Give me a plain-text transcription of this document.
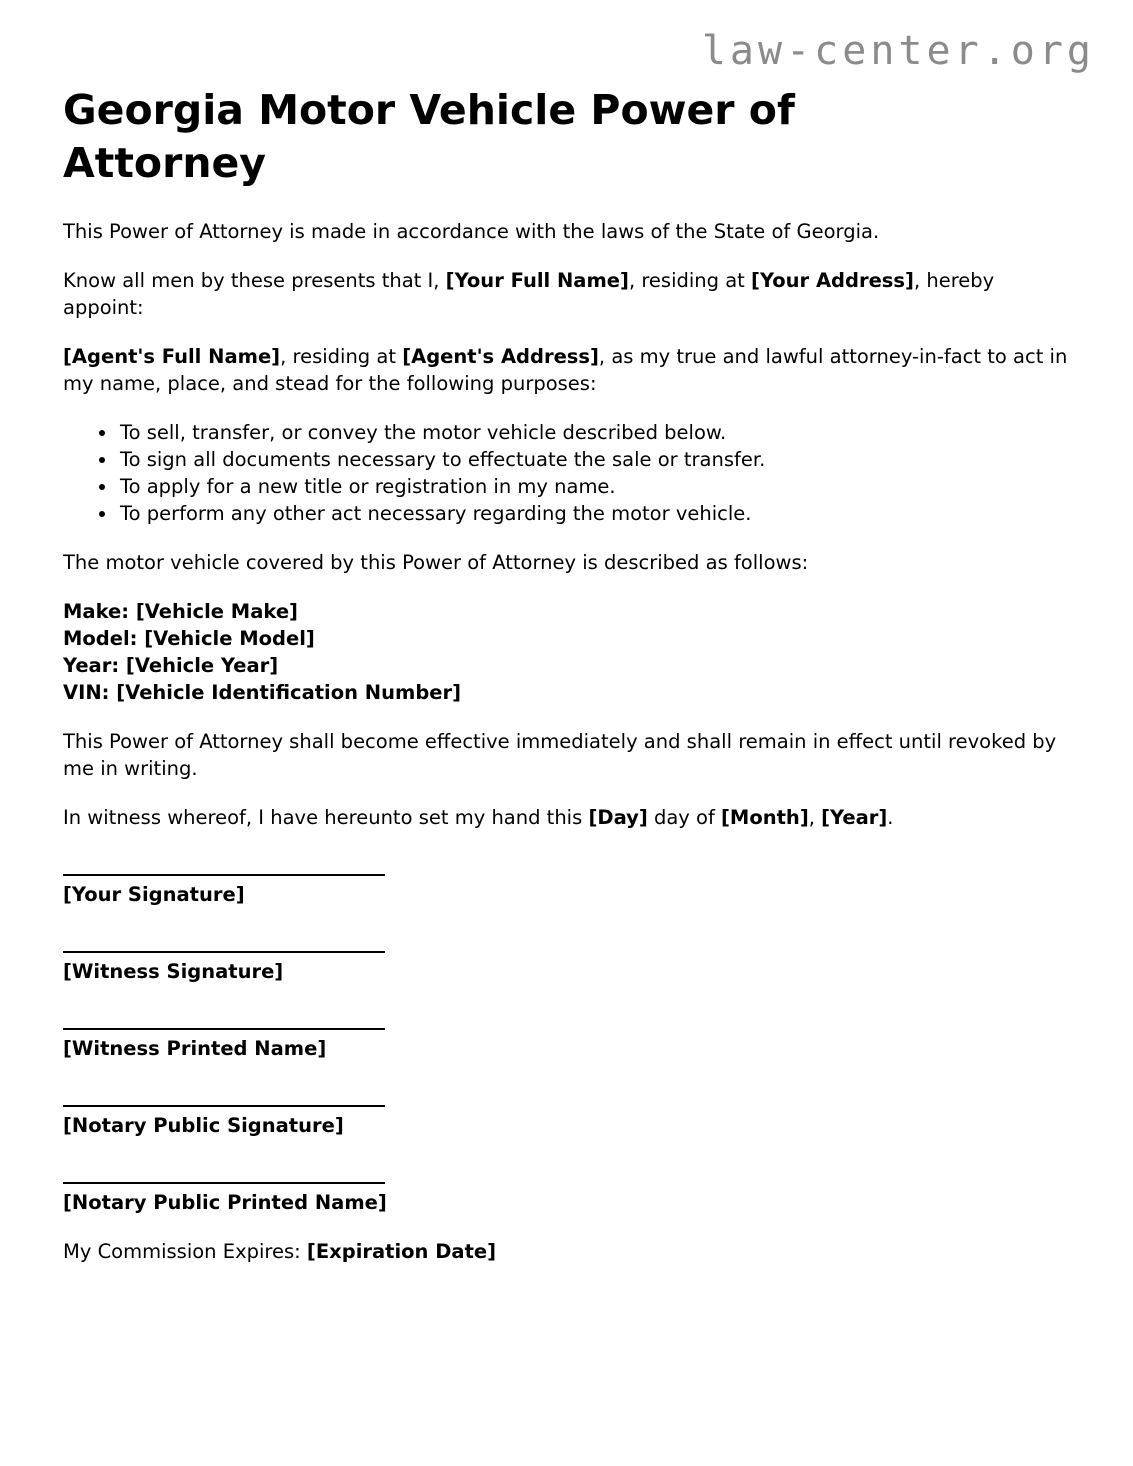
law-center.org
Georgia Motor Vehicle Power of Attorney

This Power of Attorney is made in accordance with the laws of the State of Georgia.

Know all men by these presents that I, [Your Full Name], residing at [Your Address], hereby appoint:

[Agent's Full Name], residing at [Agent's Address], as my true and lawful attorney-in-fact to act in my name, place, and stead for the following purposes:

• To sell, transfer, or convey the motor vehicle described below.
• To sign all documents necessary to effectuate the sale or transfer.
• To apply for a new title or registration in my name.
• To perform any other act necessary regarding the motor vehicle.

The motor vehicle covered by this Power of Attorney is described as follows:

Make: [Vehicle Make]
Model: [Vehicle Model]
Year: [Vehicle Year]
VIN: [Vehicle Identification Number]

This Power of Attorney shall become effective immediately and shall remain in effect until revoked by me in writing.

In witness whereof, I have hereunto set my hand this [Day] day of [Month], [Year].

[Your Signature]
[Witness Signature]
[Witness Printed Name]
[Notary Public Signature]
[Notary Public Printed Name]

My Commission Expires: [Expiration Date]
